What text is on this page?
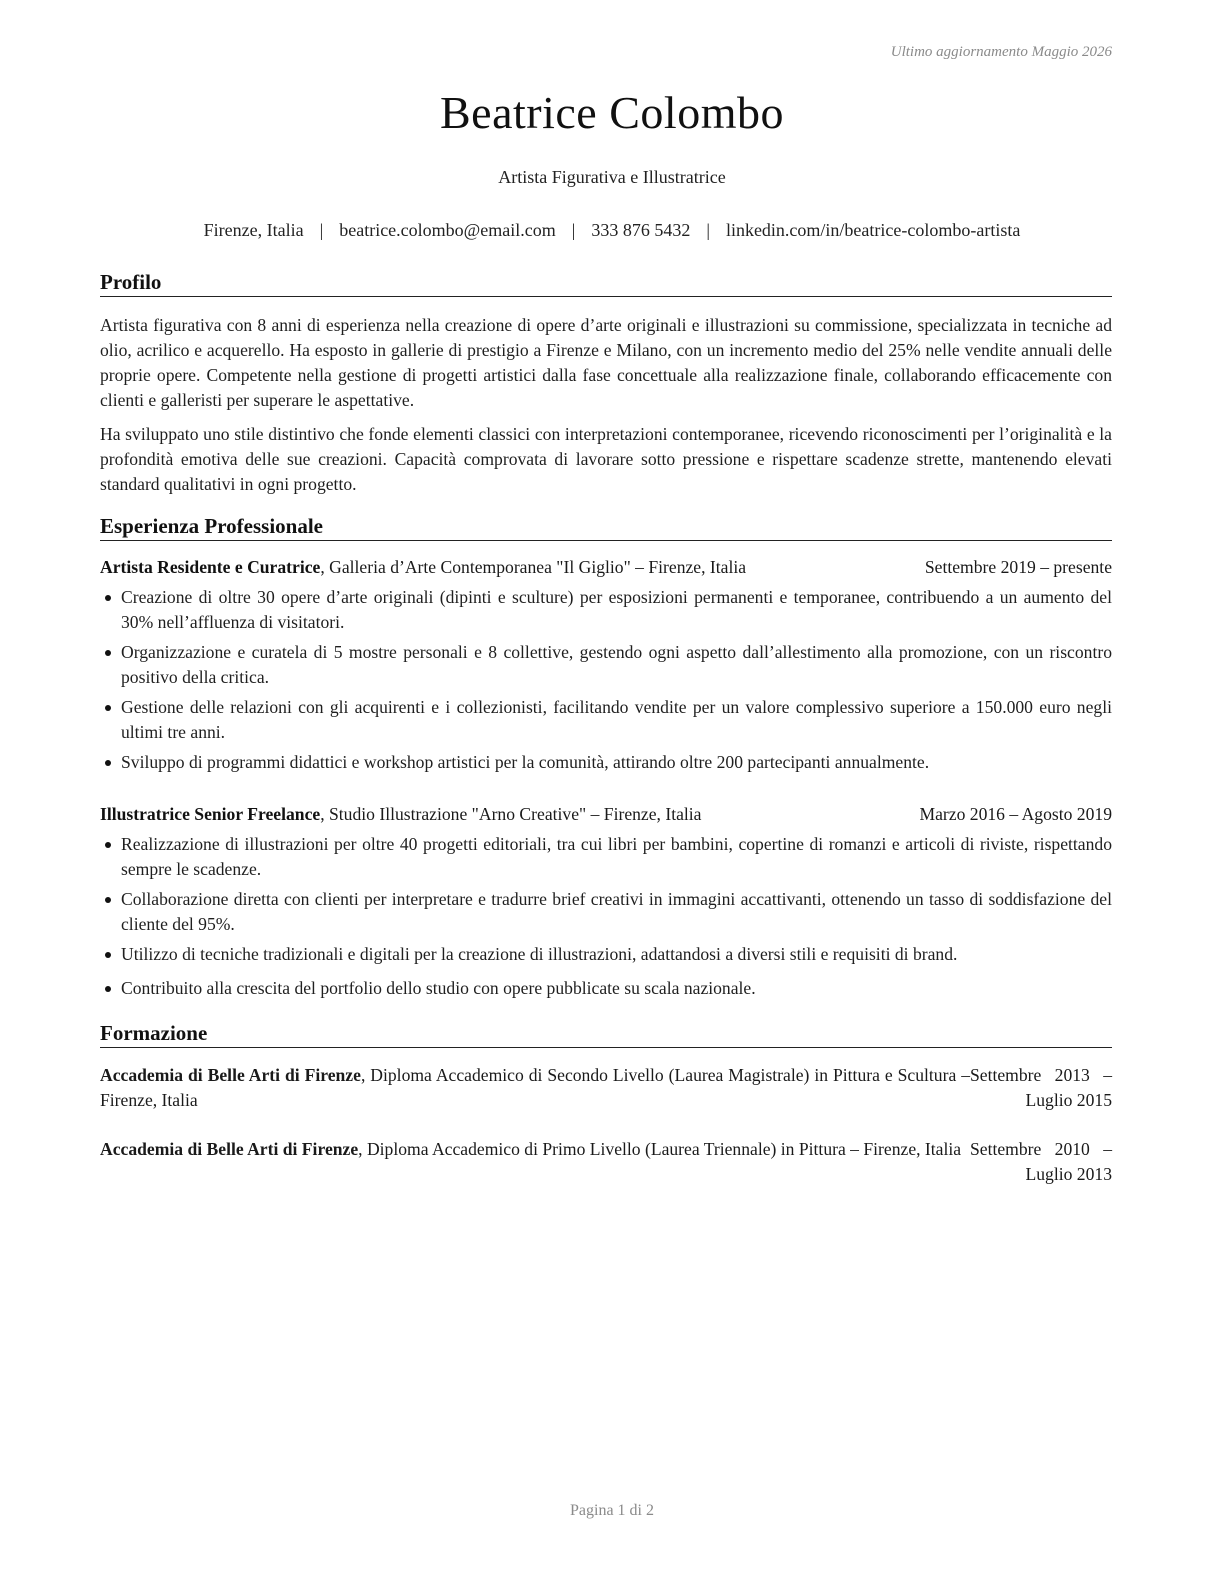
Ultimo aggiornamento Maggio 2026
Beatrice Colombo
Artista Figurativa e Illustratrice
Firenze, Italia | beatrice.colombo@email.com | 333 876 5432 | linkedin.com/in/beatrice-colombo-artista
Profilo

Artista figurativa con 8 anni di esperienza nella creazione di opere d’arte originali e illustrazioni su commissione, specializzata in tecniche ad olio, acrilico e acquerello. Ha esposto in gallerie di prestigio a Firenze e Milano, con un incremento medio del 25% nelle vendite annuali delle proprie opere. Competente nella gestione di progetti artistici dalla fase concettuale alla realizzazione finale, collaborando efficacemente con clienti e galleristi per superare le aspettative.

Ha sviluppato uno stile distintivo che fonde elementi classici con interpretazioni contemporanee, ricevendo riconoscimenti per l’originalità e la profondità emotiva delle sue creazioni. Capacità comprovata di lavorare sotto pressione e rispettare scadenze strette, mantenendo elevati standard qualitativi in ogni progetto.

Esperienza Professionale
Artista Residente e Curatrice, Galleria d’Arte Contemporanea "Il Giglio" – Firenze, Italia	Settembre 2019 – presente
Creazione di oltre 30 opere d’arte originali (dipinti e sculture) per esposizioni permanenti e temporanee, contribuendo a un aumento del 30% nell’affluenza di visitatori.
Organizzazione e curatela di 5 mostre personali e 8 collettive, gestendo ogni aspetto dall’allestimento alla promozione, con un riscontro positivo della critica.
Gestione delle relazioni con gli acquirenti e i collezionisti, facilitando vendite per un valore complessivo superiore a 150.000 euro negli ultimi tre anni.
Sviluppo di programmi didattici e workshop artistici per la comunità, attirando oltre 200 partecipanti annualmente.
Illustratrice Senior Freelance, Studio Illustrazione "Arno Creative" – Firenze, Italia	Marzo 2016 – Agosto 2019
Realizzazione di illustrazioni per oltre 40 progetti editoriali, tra cui libri per bambini, copertine di romanzi e articoli di riviste, rispettando sempre le scadenze.
Collaborazione diretta con clienti per interpretare e tradurre brief creativi in immagini accattivanti, ottenendo un tasso di soddisfazione del cliente del 95%.
Utilizzo di tecniche tradizionali e digitali per la creazione di illustrazioni, adattandosi a diversi stili e requisiti di brand.
Contribuito alla crescita del portfolio dello studio con opere pubblicate su scala nazionale.
Formazione
Accademia di Belle Arti di Firenze, Diploma Accademico di Secondo Livello (Laurea Magistrale) in Pittura e Scultura – Firenze, Italia
Settembre 2013 – Luglio 2015
Accademia di Belle Arti di Firenze, Diploma Accademico di Primo Livello (Laurea Triennale) in Pittura – Firenze, Italia Settembre 2010 – Luglio 2013
Pagina 1 di 2
